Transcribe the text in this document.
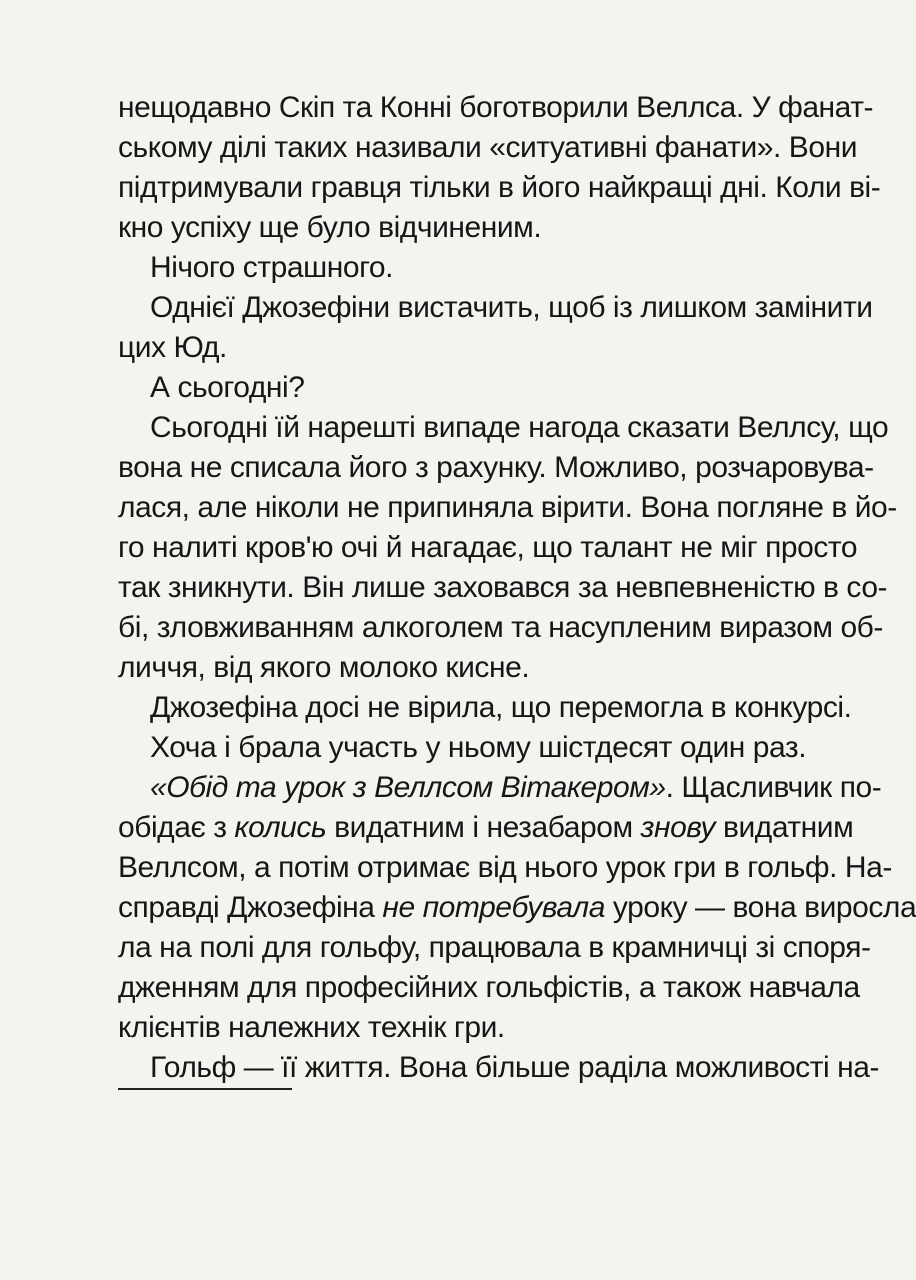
нещодавно Скіп та Конні боготворили Веллса. У фанат-

ському ділі таких називали «ситуативні фанати». Вони

підтримували гравця тільки в його найкращі дні. Коли ві-

кно успіху ще було відчиненим.

Нічого страшного.

Однієї Джозефіни вистачить, щоб із лишком замінити

цих Юд.

А сьогодні?

Сьогодні їй нарешті випаде нагода сказати Веллсу, що

вона не списала його з рахунку. Можливо, розчаровува-

лася, але ніколи не припиняла вірити. Вона погляне в йо-

го налиті кров'ю очі й нагадає, що талант не міг просто

так зникнути. Він лише заховався за невпевненістю в со-

бі, зловживанням алкоголем та насупленим виразом об-

личчя, від якого молоко кисне.

Джозефіна досі не вірила, що перемогла в конкурсі.

Хоча і брала участь у ньому шістдесят один раз.

«Обід та урок з Веллсом Вітакером». Щасливчик по-

обідає з колись видатним і незабаром знову видатним

Веллсом, а потім отримає від нього урок гри в гольф. На-

справді Джозефіна не потребувала уроку — вона виросла

ла на полі для гольфу, працювала в крамничці зі споря-

дженням для професійних гольфістів, а також навчала

клієнтів належних технік гри.

Гольф — її життя. Вона більше раділа можливості на-
